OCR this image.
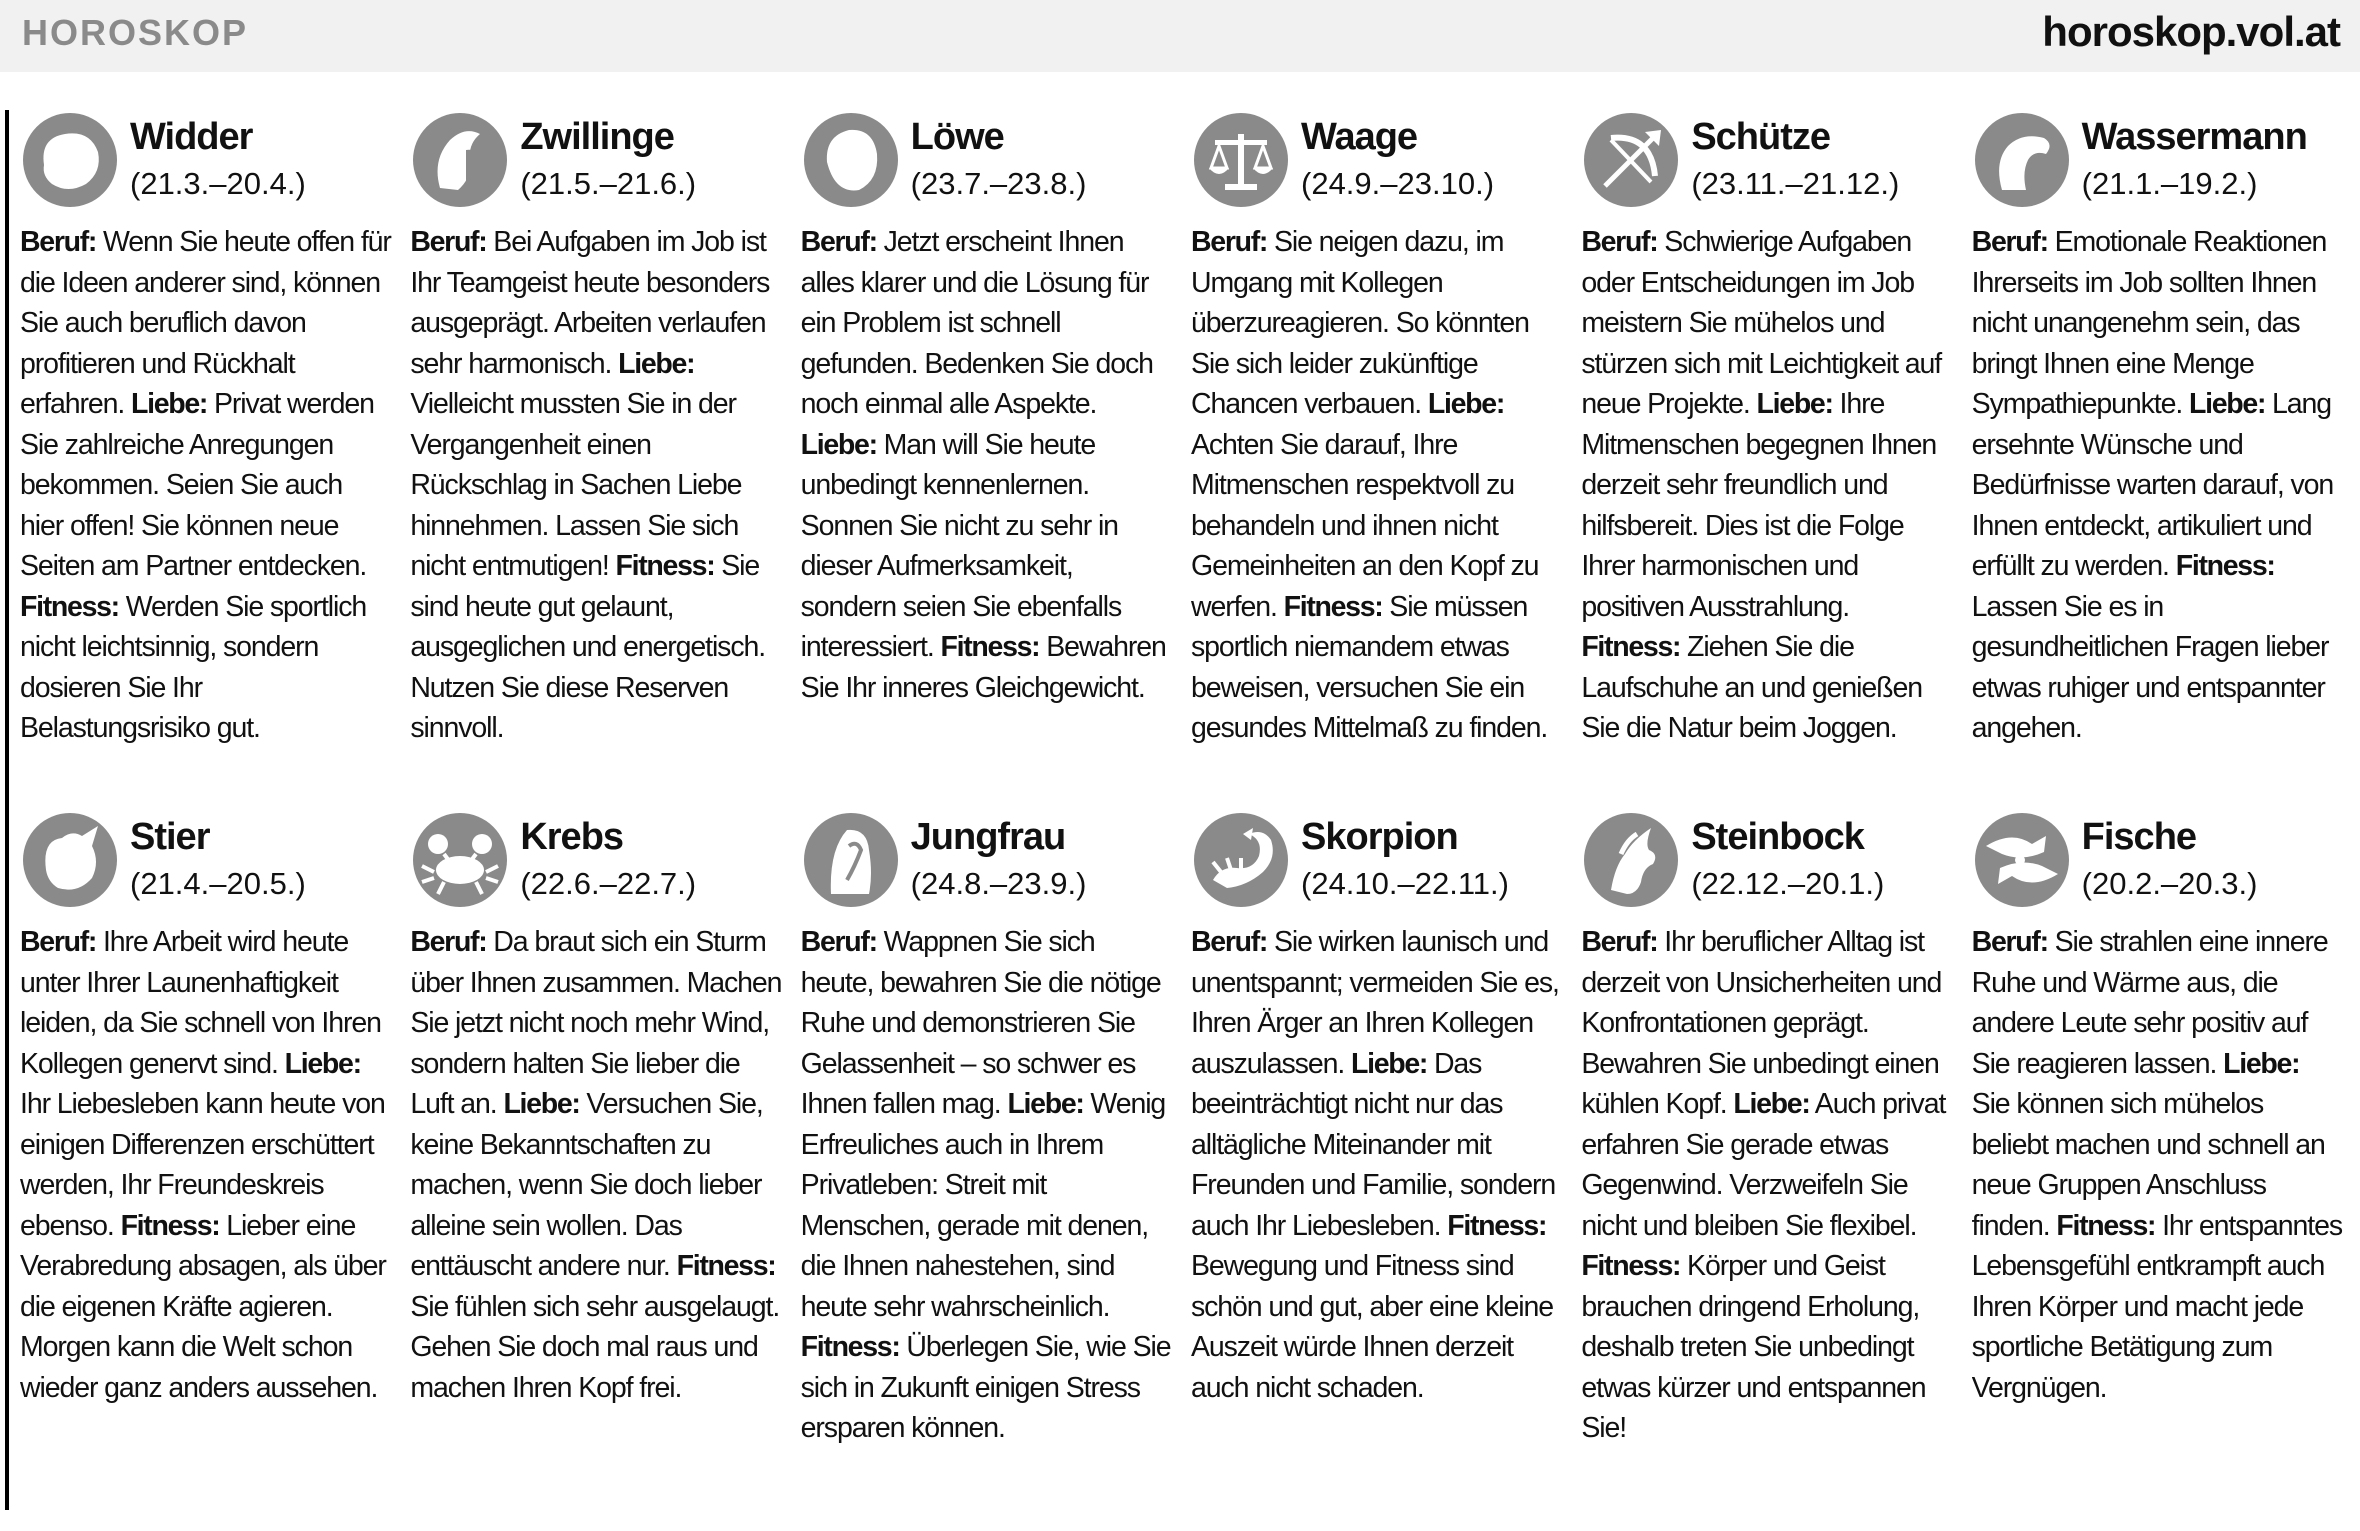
HOROSKOP	horoskop.vol.at
Widder
(21.3.–20.4.)
Beruf: Wenn Sie heute offen für die Ideen anderer sind, können Sie auch beruflich davon profitieren und Rückhalt erfahren. Liebe: Privat werden Sie zahlreiche Anregungen bekommen. Seien Sie auch hier offen! Sie können neue Seiten am Partner entdecken. Fitness: Werden Sie sportlich nicht leichtsinnig, sondern dosieren Sie Ihr Belastungsrisiko gut.
Zwillinge
(21.5.–21.6.)
Beruf: Bei Aufgaben im Job ist Ihr Teamgeist heute besonders ausgeprägt. Arbeiten verlaufen sehr harmonisch. Liebe: Vielleicht mussten Sie in der Vergangenheit einen Rückschlag in Sachen Liebe hinnehmen. Lassen Sie sich nicht entmutigen! Fitness: Sie sind heute gut gelaunt, ausgeglichen und energetisch. Nutzen Sie diese Reserven sinnvoll.
Löwe
(23.7.–23.8.)
Beruf: Jetzt erscheint Ihnen alles klarer und die Lösung für ein Problem ist schnell gefunden. Bedenken Sie doch noch einmal alle Aspekte. Liebe: Man will Sie heute unbedingt kennenlernen. Sonnen Sie nicht zu sehr in dieser Aufmerksamkeit, sondern seien Sie ebenfalls interessiert. Fitness: Bewahren Sie Ihr inneres Gleichgewicht.
Waage
(24.9.–23.10.)
Beruf: Sie neigen dazu, im Umgang mit Kollegen überzureagieren. So könnten Sie sich leider zukünftige Chancen verbauen. Liebe: Achten Sie darauf, Ihre Mitmenschen respektvoll zu behandeln und ihnen nicht Gemeinheiten an den Kopf zu werfen. Fitness: Sie müssen sportlich niemandem etwas beweisen, versuchen Sie ein gesundes Mittelmaß zu finden.
Schütze
(23.11.–21.12.)
Beruf: Schwierige Aufgaben oder Entscheidungen im Job meistern Sie mühelos und stürzen sich mit Leichtigkeit auf neue Projekte. Liebe: Ihre Mitmenschen begegnen Ihnen derzeit sehr freundlich und hilfsbereit. Dies ist die Folge Ihrer harmonischen und positiven Ausstrahlung. Fitness: Ziehen Sie die Laufschuhe an und genießen Sie die Natur beim Joggen.
Wassermann
(21.1.–19.2.)
Beruf: Emotionale Reaktionen Ihrerseits im Job sollten Ihnen nicht unangenehm sein, das bringt Ihnen eine Menge Sympathiepunkte. Liebe: Lang ersehnte Wünsche und Bedürfnisse warten darauf, von Ihnen entdeckt, artikuliert und erfüllt zu werden. Fitness: Lassen Sie es in gesundheitlichen Fragen lieber etwas ruhiger und entspannter angehen.
Stier
(21.4.–20.5.)
Beruf: Ihre Arbeit wird heute unter Ihrer Launenhaftigkeit leiden, da Sie schnell von Ihren Kollegen genervt sind. Liebe: Ihr Liebesleben kann heute von einigen Differenzen erschüttert werden, Ihr Freundeskreis ebenso. Fitness: Lieber eine Verabredung absagen, als über die eigenen Kräfte agieren. Morgen kann die Welt schon wieder ganz anders aussehen.
Krebs
(22.6.–22.7.)
Beruf: Da braut sich ein Sturm über Ihnen zusammen. Machen Sie jetzt nicht noch mehr Wind, sondern halten Sie lieber die Luft an. Liebe: Versuchen Sie, keine Bekanntschaften zu machen, wenn Sie doch lieber alleine sein wollen. Das enttäuscht andere nur. Fitness: Sie fühlen sich sehr ausgelaugt. Gehen Sie doch mal raus und machen Ihren Kopf frei.
Jungfrau
(24.8.–23.9.)
Beruf: Wappnen Sie sich heute, bewahren Sie die nötige Ruhe und demonstrieren Sie Gelassenheit – so schwer es Ihnen fallen mag. Liebe: Wenig Erfreuliches auch in Ihrem Privatleben: Streit mit Menschen, gerade mit denen, die Ihnen nahestehen, sind heute sehr wahrscheinlich. Fitness: Überlegen Sie, wie Sie sich in Zukunft einigen Stress ersparen können.
Skorpion
(24.10.–22.11.)
Beruf: Sie wirken launisch und unentspannt; vermeiden Sie es, Ihren Ärger an Ihren Kollegen auszulassen. Liebe: Das beeinträchtigt nicht nur das alltägliche Miteinander mit Freunden und Familie, sondern auch Ihr Liebesleben. Fitness: Bewegung und Fitness sind schön und gut, aber eine kleine Auszeit würde Ihnen derzeit auch nicht schaden.
Steinbock
(22.12.–20.1.)
Beruf: Ihr beruflicher Alltag ist derzeit von Unsicherheiten und Konfrontationen geprägt. Bewahren Sie unbedingt einen kühlen Kopf. Liebe: Auch privat erfahren Sie gerade etwas Gegenwind. Verzweifeln Sie nicht und bleiben Sie flexibel. Fitness: Körper und Geist brauchen dringend Erholung, deshalb treten Sie unbedingt etwas kürzer und entspannen Sie!
Fische
(20.2.–20.3.)
Beruf: Sie strahlen eine innere Ruhe und Wärme aus, die andere Leute sehr positiv auf Sie reagieren lassen. Liebe: Sie können sich mühelos beliebt machen und schnell an neue Gruppen Anschluss finden. Fitness: Ihr entspanntes Lebensgefühl entkrampft auch Ihren Körper und macht jede sportliche Betätigung zum Vergnügen.
